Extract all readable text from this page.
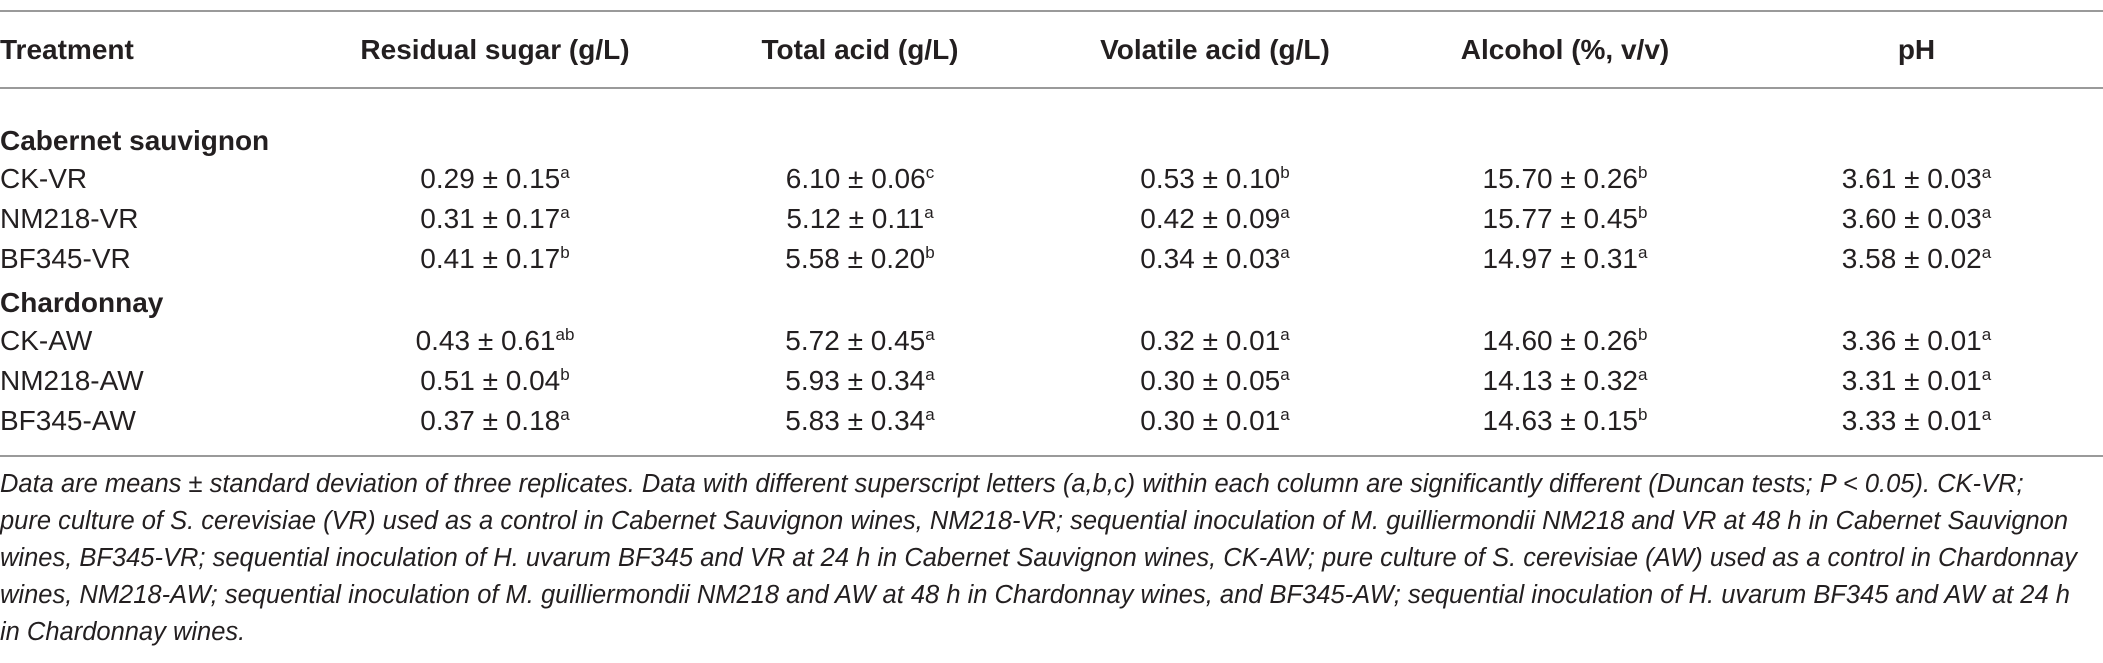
Treatment	Residual sugar (g/L)	Total acid (g/L)	Volatile acid (g/L)	Alcohol (%, v/v)	pH
Cabernet sauvignon					
CK-VR	0.29 ± 0.15$^a$	6.10 ± 0.06$^c$	0.53 ± 0.10$^b$	15.70 ± 0.26$^b$	3.61 ± 0.03$^a$
NM218-VR	0.31 ± 0.17$^a$	5.12 ± 0.11$^a$	0.42 ± 0.09$^a$	15.77 ± 0.45$^b$	3.60 ± 0.03$^a$
BF345-VR	0.41 ± 0.17$^b$	5.58 ± 0.20$^b$	0.34 ± 0.03$^a$	14.97 ± 0.31$^a$	3.58 ± 0.02$^a$
Chardonnay					
CK-AW	0.43 ± 0.61$^{ab}$	5.72 ± 0.45$^a$	0.32 ± 0.01$^a$	14.60 ± 0.26$^b$	3.36 ± 0.01$^a$
NM218-AW	0.51 ± 0.04$^b$	5.93 ± 0.34$^a$	0.30 ± 0.05$^a$	14.13 ± 0.32$^a$	3.31 ± 0.01$^a$
BF345-AW	0.37 ± 0.18$^a$	5.83 ± 0.34$^a$	0.30 ± 0.01$^a$	14.63 ± 0.15$^b$	3.33 ± 0.01$^a$
Data are means ± standard deviation of three replicates. Data with different superscript letters (a,b,c) within each column are significantly different (Duncan tests; P < 0.05). CK-VR; pure culture of S. cerevisiae (VR) used as a control in Cabernet Sauvignon wines, NM218-VR; sequential inoculation of M. guilliermondii NM218 and VR at 48 h in Cabernet Sauvignon wines, BF345-VR; sequential inoculation of H. uvarum BF345 and VR at 24 h in Cabernet Sauvignon wines, CK-AW; pure culture of S. cerevisiae (AW) used as a control in Chardonnay wines, NM218-AW; sequential inoculation of M. guilliermondii NM218 and AW at 48 h in Chardonnay wines, and BF345-AW; sequential inoculation of H. uvarum BF345 and AW at 24 h in Chardonnay wines.
